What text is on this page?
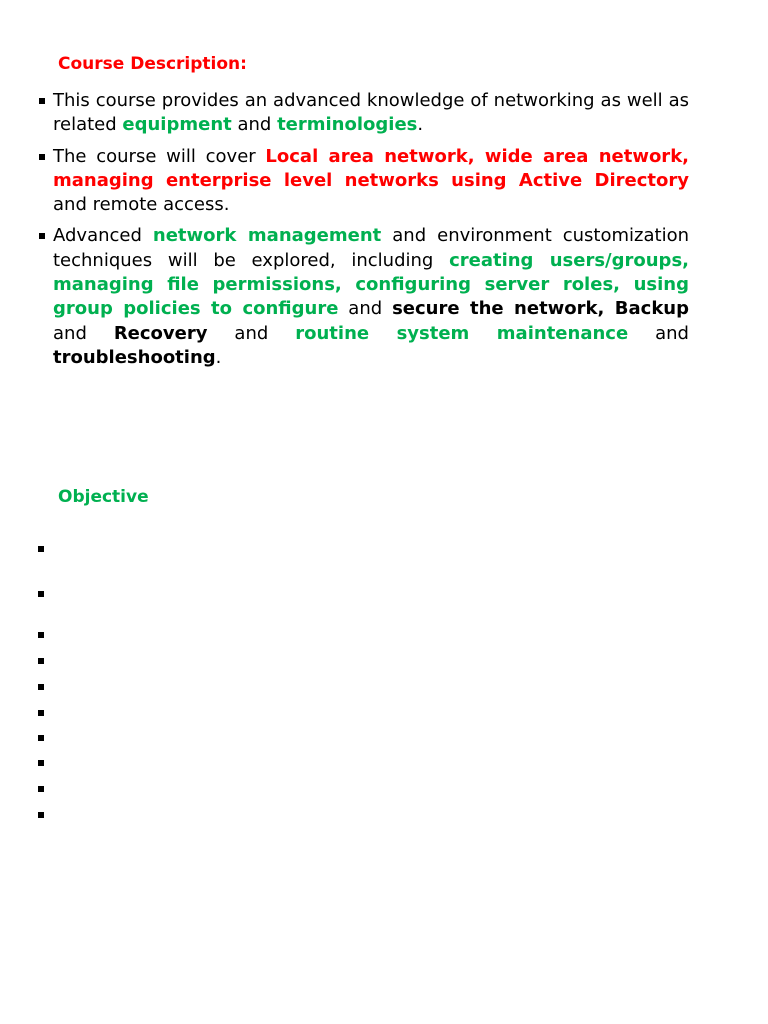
Course Description:
This course provides an advanced knowledge of networking as well as related equipment and terminologies.
The course will cover Local area network, wide area network, managing enterprise level networks using Active Directory and remote access.
Advanced network management and environment customization techniques will be explored, including creating users/groups, managing file permissions, configuring server roles, using group policies to configure and secure the network, Backup and Recovery and routine system maintenance and troubleshooting.
Objective
